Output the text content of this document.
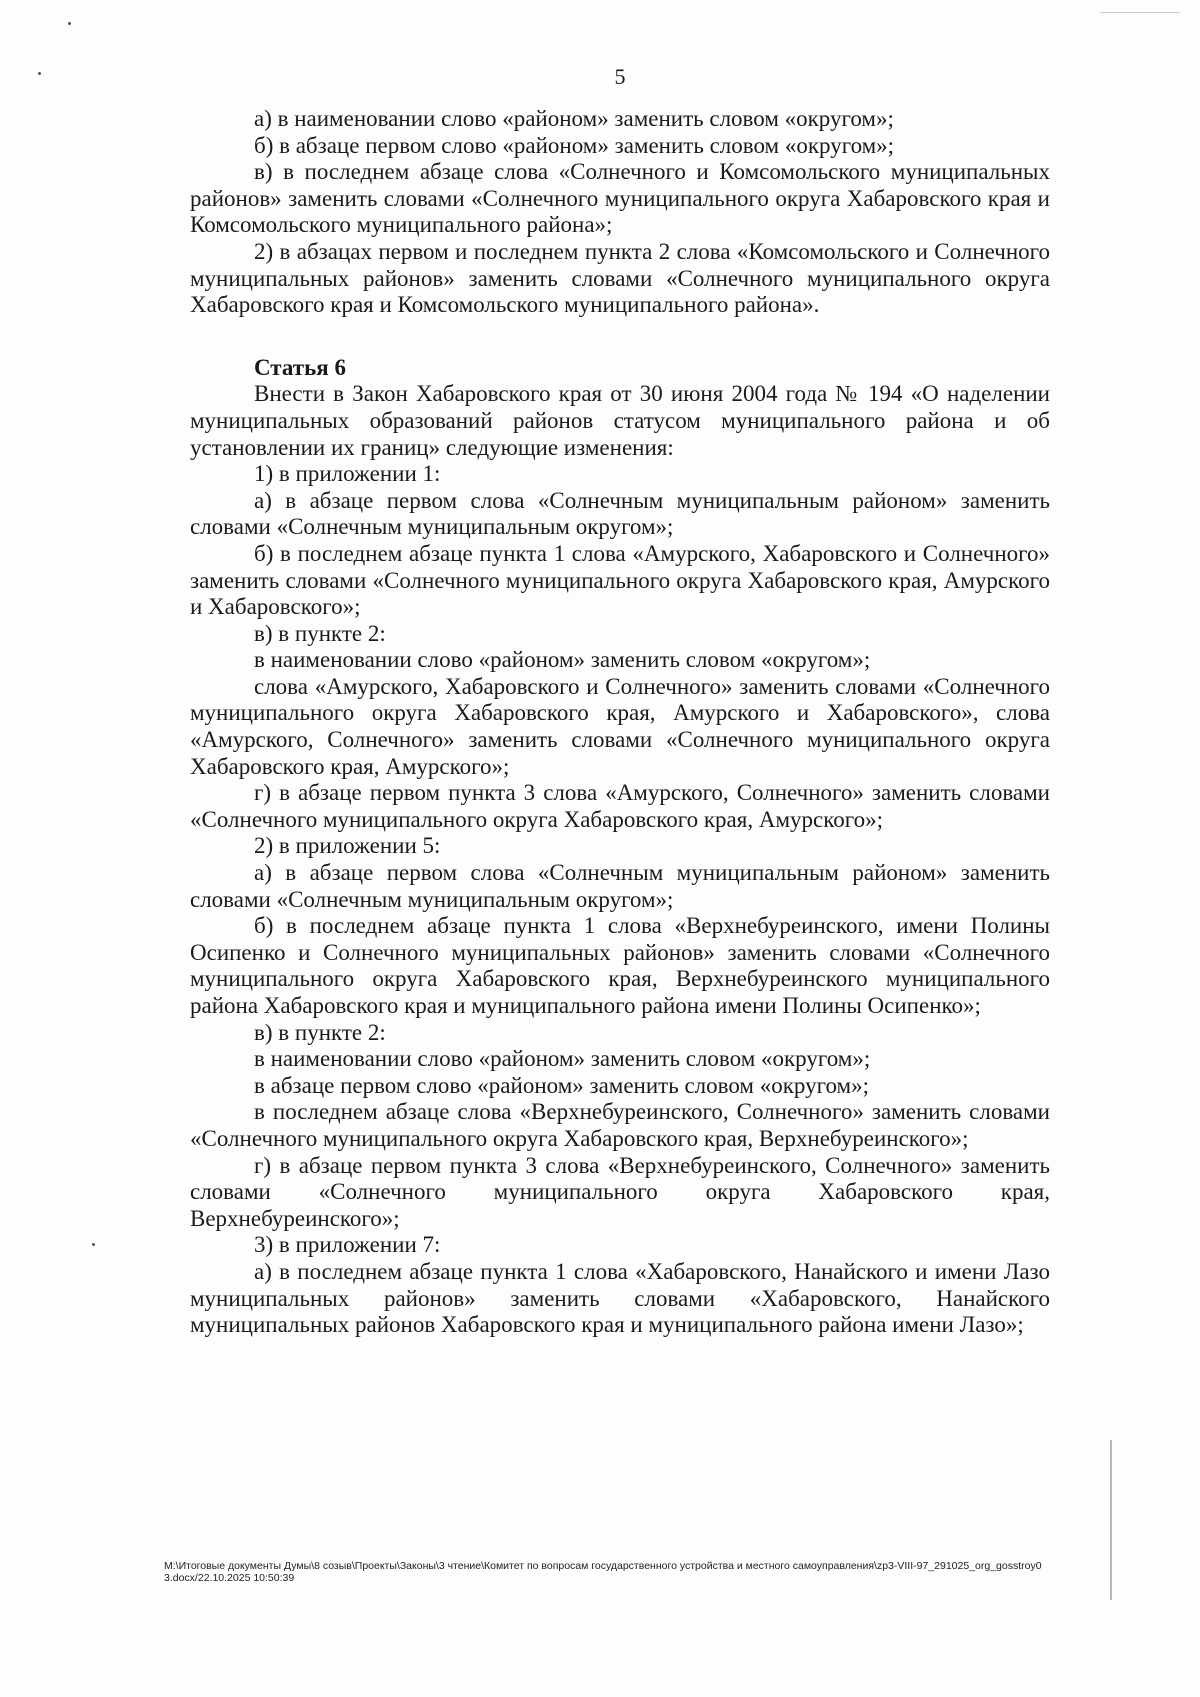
5

а) в наименовании слово «районом» заменить словом «округом»;

б) в абзаце первом слово «районом» заменить словом «округом»;

в) в последнем абзаце слова «Солнечного и Комсомольского муниципальных районов» заменить словами «Солнечного муниципального округа Хабаровского края и Комсомольского муниципального района»;

2) в абзацах первом и последнем пункта 2 слова «Комсомольского и Солнечного муниципальных районов» заменить словами «Солнечного муниципального округа Хабаровского края и Комсомольского муниципального района».

Статья 6

Внести в Закон Хабаровского края от 30 июня 2004 года № 194 «О наделении муниципальных образований районов статусом муниципального района и об установлении их границ» следующие изменения:

1) в приложении 1:

а) в абзаце первом слова «Солнечным муниципальным районом» заменить словами «Солнечным муниципальным округом»;

б) в последнем абзаце пункта 1 слова «Амурского, Хабаровского и Солнечного» заменить словами «Солнечного муниципального округа Хабаровского края, Амурского и Хабаровского»;

в) в пункте 2:

в наименовании слово «районом» заменить словом «округом»;

слова «Амурского, Хабаровского и Солнечного» заменить словами «Солнечного муниципального округа Хабаровского края, Амурского и Хабаровского», слова «Амурского, Солнечного» заменить словами «Солнечного муниципального округа Хабаровского края, Амурского»;

г) в абзаце первом пункта 3 слова «Амурского, Солнечного» заменить словами «Солнечного муниципального округа Хабаровского края, Амурского»;

2) в приложении 5:

а) в абзаце первом слова «Солнечным муниципальным районом» заменить словами «Солнечным муниципальным округом»;

б) в последнем абзаце пункта 1 слова «Верхнебуреинского, имени Полины Осипенко и Солнечного муниципальных районов» заменить словами «Солнечного муниципального округа Хабаровского края, Верхнебуреинского муниципального района Хабаровского края и муниципального района имени Полины Осипенко»;

в) в пункте 2:

в наименовании слово «районом» заменить словом «округом»;

в абзаце первом слово «районом» заменить словом «округом»;

в последнем абзаце слова «Верхнебуреинского, Солнечного» заменить словами «Солнечного муниципального округа Хабаровского края, Верхнебуреинского»;

г) в абзаце первом пункта 3 слова «Верхнебуреинского, Солнечного» заменить словами «Солнечного муниципального округа Хабаровского края, Верхнебуреинского»;

3) в приложении 7:

а) в последнем абзаце пункта 1 слова «Хабаровского, Нанайского и имени Лазо муниципальных районов» заменить словами «Хабаровского, Нанайского муниципальных районов Хабаровского края и муниципального района имени Лазо»;

M:\Итоговые документы Думы\8 созыв\Проекты\Законы\3 чтение\Комитет по вопросам государственного устройства и местного самоуправления\zp3-VIII-97_291025_org_gosstroy03.docx/22.10.2025 10:50:39
